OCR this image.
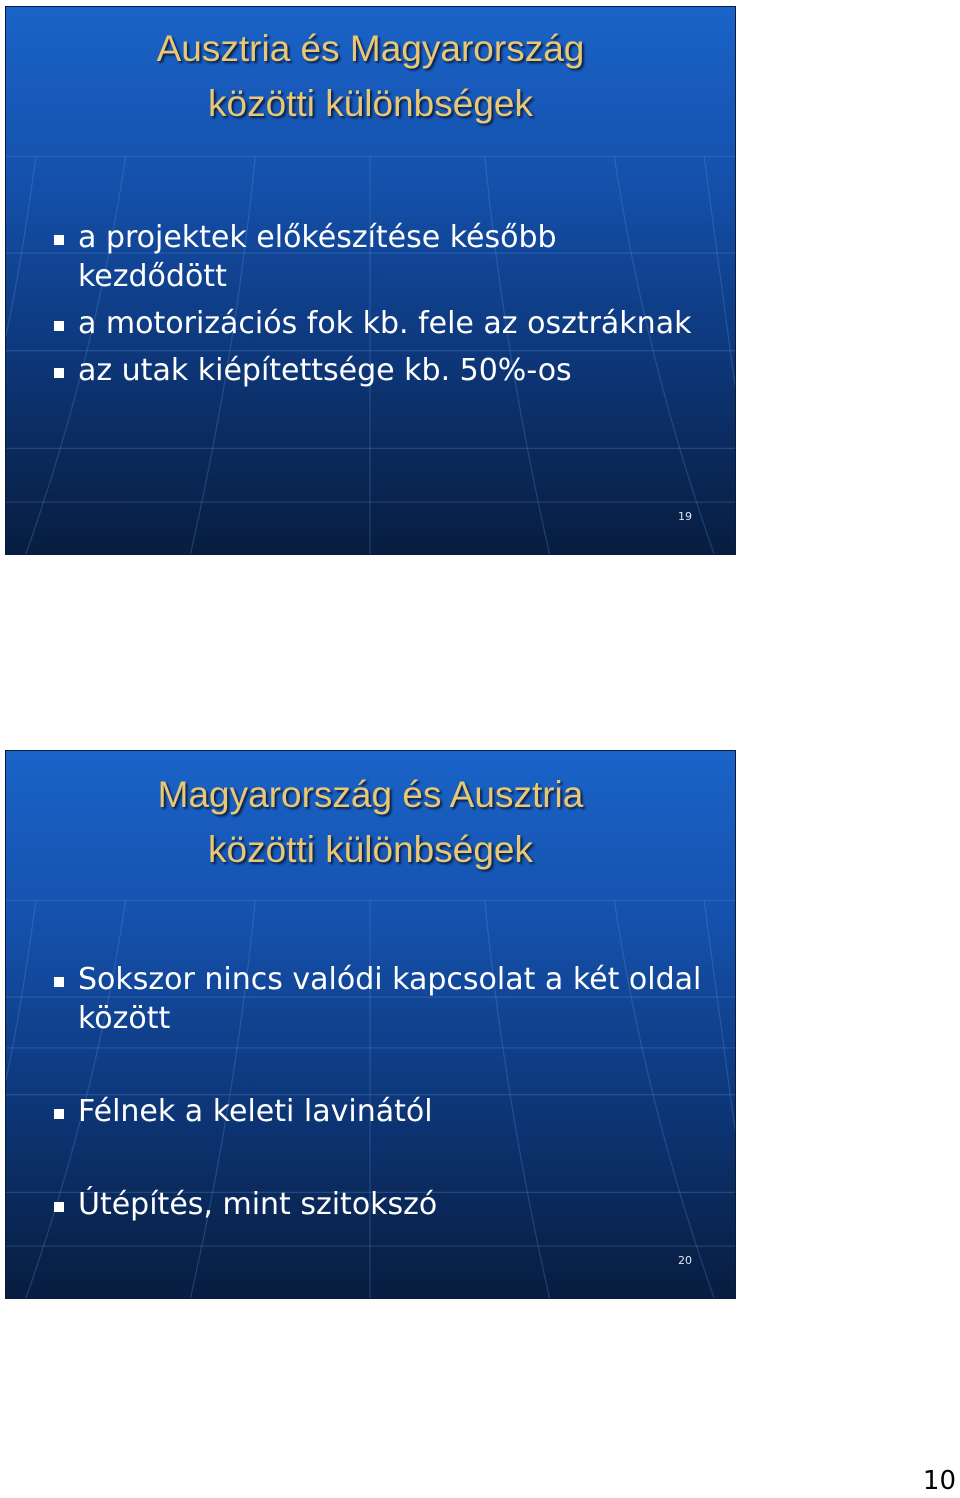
Ausztria és Magyarország
közötti különbségek
a projektek előkészítése később kezdődött
a motorizációs fok kb. fele az osztráknak
az utak kiépítettsége kb. 50%-os
19
Magyarország és Ausztria
közötti különbségek
Sokszor nincs valódi kapcsolat a két oldal között
Félnek a keleti lavinától
Útépítés, mint szitokszó
20
10
